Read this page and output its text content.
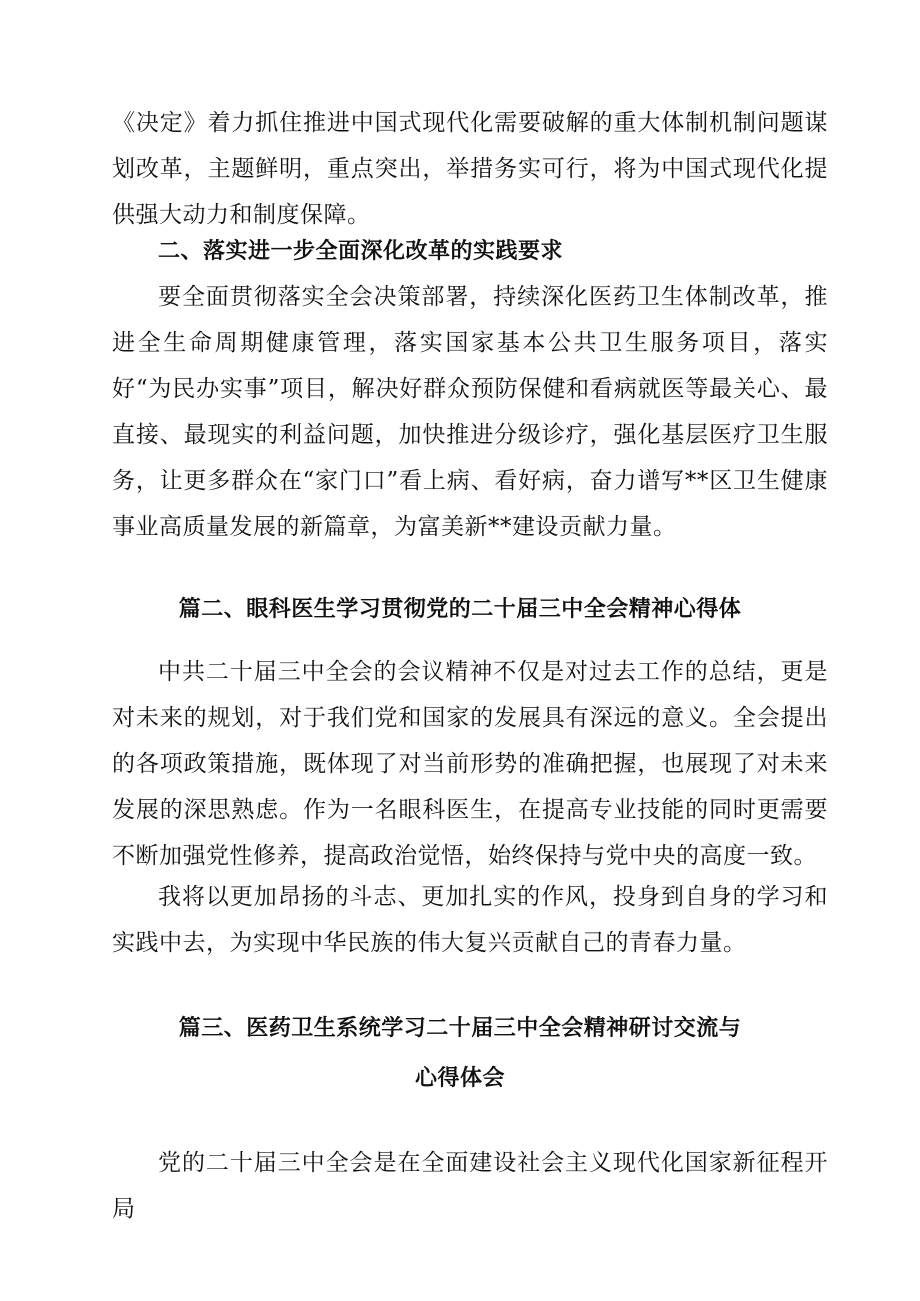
《决定》着力抓住推进中国式现代化需要破解的重大体制机制问题谋划改革，主题鲜明，重点突出，举措务实可行，将为中国式现代化提供强大动力和制度保障。

二、落实进一步全面深化改革的实践要求

要全面贯彻落实全会决策部署，持续深化医药卫生体制改革，推进全生命周期健康管理，落实国家基本公共卫生服务项目，落实好“为民办实事”项目，解决好群众预防保健和看病就医等最关心、最直接、最现实的利益问题，加快推进分级诊疗，强化基层医疗卫生服务，让更多群众在“家门口”看上病、看好病，奋力谱写**区卫生健康事业高质量发展的新篇章，为富美新**建设贡献力量。

篇二、眼科医生学习贯彻党的二十届三中全会精神心得体

中共二十届三中全会的会议精神不仅是对过去工作的总结，更是对未来的规划，对于我们党和国家的发展具有深远的意义。全会提出的各项政策措施，既体现了对当前形势的准确把握，也展现了对未来发展的深思熟虑。作为一名眼科医生，在提高专业技能的同时更需要不断加强党性修养，提高政治觉悟，始终保持与党中央的高度一致。

我将以更加昂扬的斗志、更加扎实的作风，投身到自身的学习和实践中去，为实现中华民族的伟大复兴贡献自己的青春力量。

篇三、医药卫生系统学习二十届三中全会精神研讨交流与
心得体会

党的二十届三中全会是在全面建设社会主义现代化国家新征程开局
